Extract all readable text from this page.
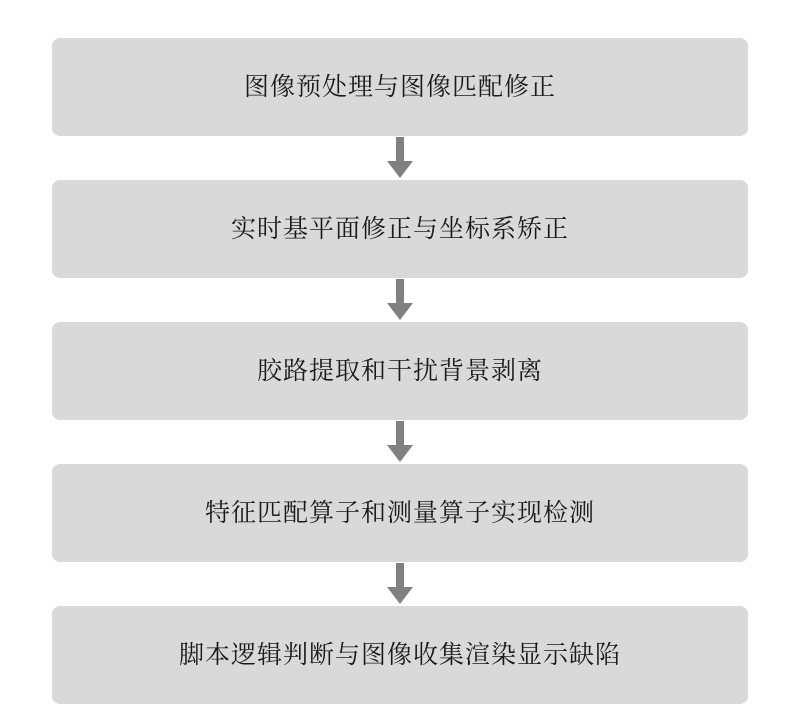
图像预处理与图像匹配修正
实时基平面修正与坐标系矫正
胶路提取和干扰背景剥离
特征匹配算子和测量算子实现检测
脚本逻辑判断与图像收集渲染显示缺陷
